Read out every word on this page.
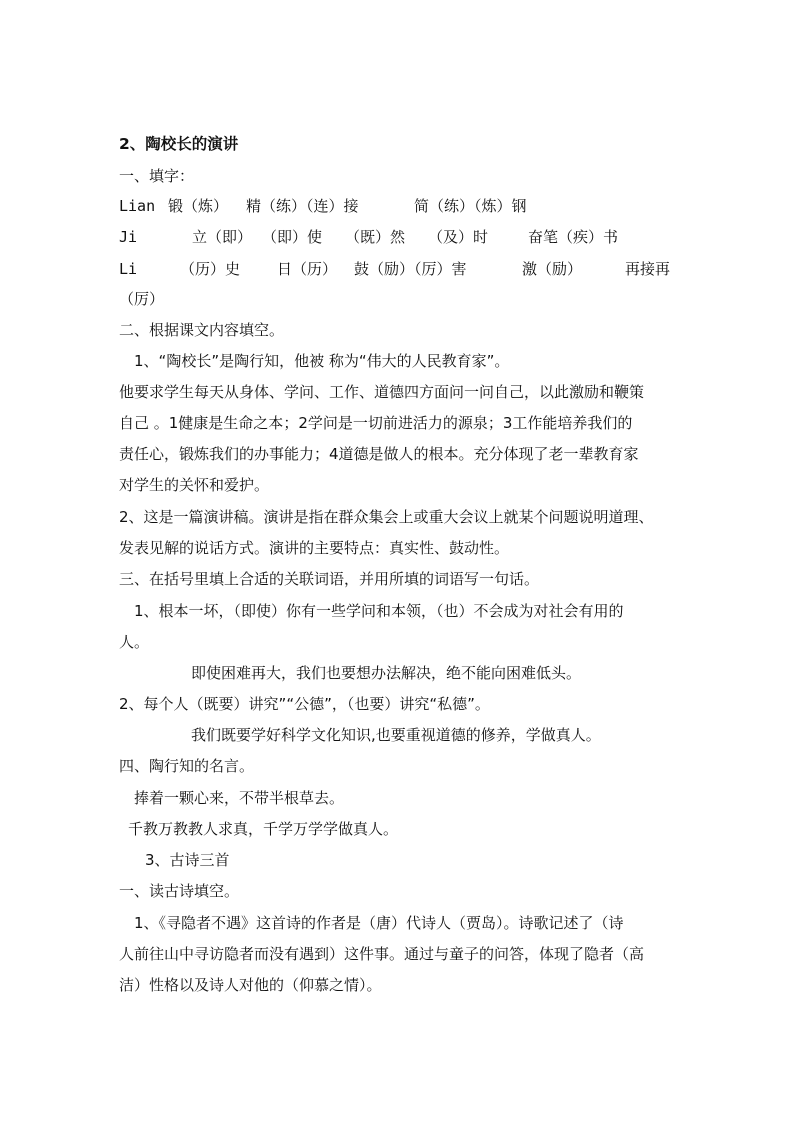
2、陶校长的演讲
一、填字：
Lian 锻（炼） 精（练）（连）接	简（练）（炼）钢
Ji	立（即） （即）使 （既）然 （及）时	奋笔（疾）书
Li	（历）史 日（历） 鼓（励）（厉）害	激（励）	再接再
（厉）
二、根据课文内容填空。
1、“陶校长”是陶行知，他被 称为“伟大的人民教育家”。
他要求学生每天从身体、学问、工作、道德四方面问一问自己，以此激励和鞭策
自己 。1健康是生命之本；2学问是一切前进活力的源泉；3工作能培养我们的
责任心，锻炼我们的办事能力；4道德是做人的根本。充分体现了老一辈教育家
对学生的关怀和爱护。
2、这是一篇演讲稿。演讲是指在群众集会上或重大会议上就某个问题说明道理、
发表见解的说话方式。演讲的主要特点：真实性、鼓动性。
三、在括号里填上合适的关联词语，并用所填的词语写一句话。
1、根本一坏，（即使）你有一些学问和本领，（也）不会成为对社会有用的
人。
即使困难再大，我们也要想办法解决，绝不能向困难低头。
2、每个人（既要）讲究”“公德”，（也要）讲究“私德”。
我们既要学好科学文化知识,也要重视道德的修养，学做真人。
四、陶行知的名言。
捧着一颗心来，不带半根草去。
千教万教教人求真，千学万学学做真人。
3、古诗三首
一、读古诗填空。
1、《寻隐者不遇》这首诗的作者是（唐）代诗人（贾岛）。诗歌记述了（诗
人前往山中寻访隐者而没有遇到）这件事。通过与童子的问答，体现了隐者（高
洁）性格以及诗人对他的（仰慕之情）。
